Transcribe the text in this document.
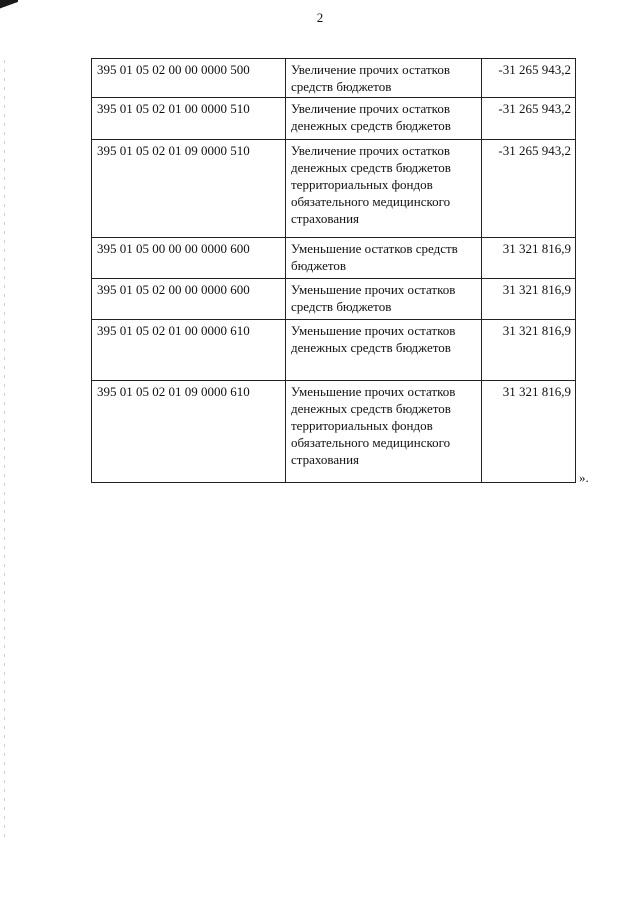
2
395 01 05 02 00 00 0000 500	Увеличение прочих остатков средств бюджетов	-31 265 943,2
395 01 05 02 01 00 0000 510	Увеличение прочих остатков денежных средств бюджетов	-31 265 943,2
395 01 05 02 01 09 0000 510	Увеличение прочих остатков денежных средств бюджетов территориальных фондов обязательного медицинского страхования	-31 265 943,2
395 01 05 00 00 00 0000 600	Уменьшение остатков средств бюджетов	31 321 816,9
395 01 05 02 00 00 0000 600	Уменьшение прочих остатков средств бюджетов	31 321 816,9
395 01 05 02 01 00 0000 610	Уменьшение прочих остатков денежных средств бюджетов	31 321 816,9
395 01 05 02 01 09 0000 610	Уменьшение прочих остатков денежных средств бюджетов территориальных фондов обязательного медицинского страхования	31 321 816,9
».
